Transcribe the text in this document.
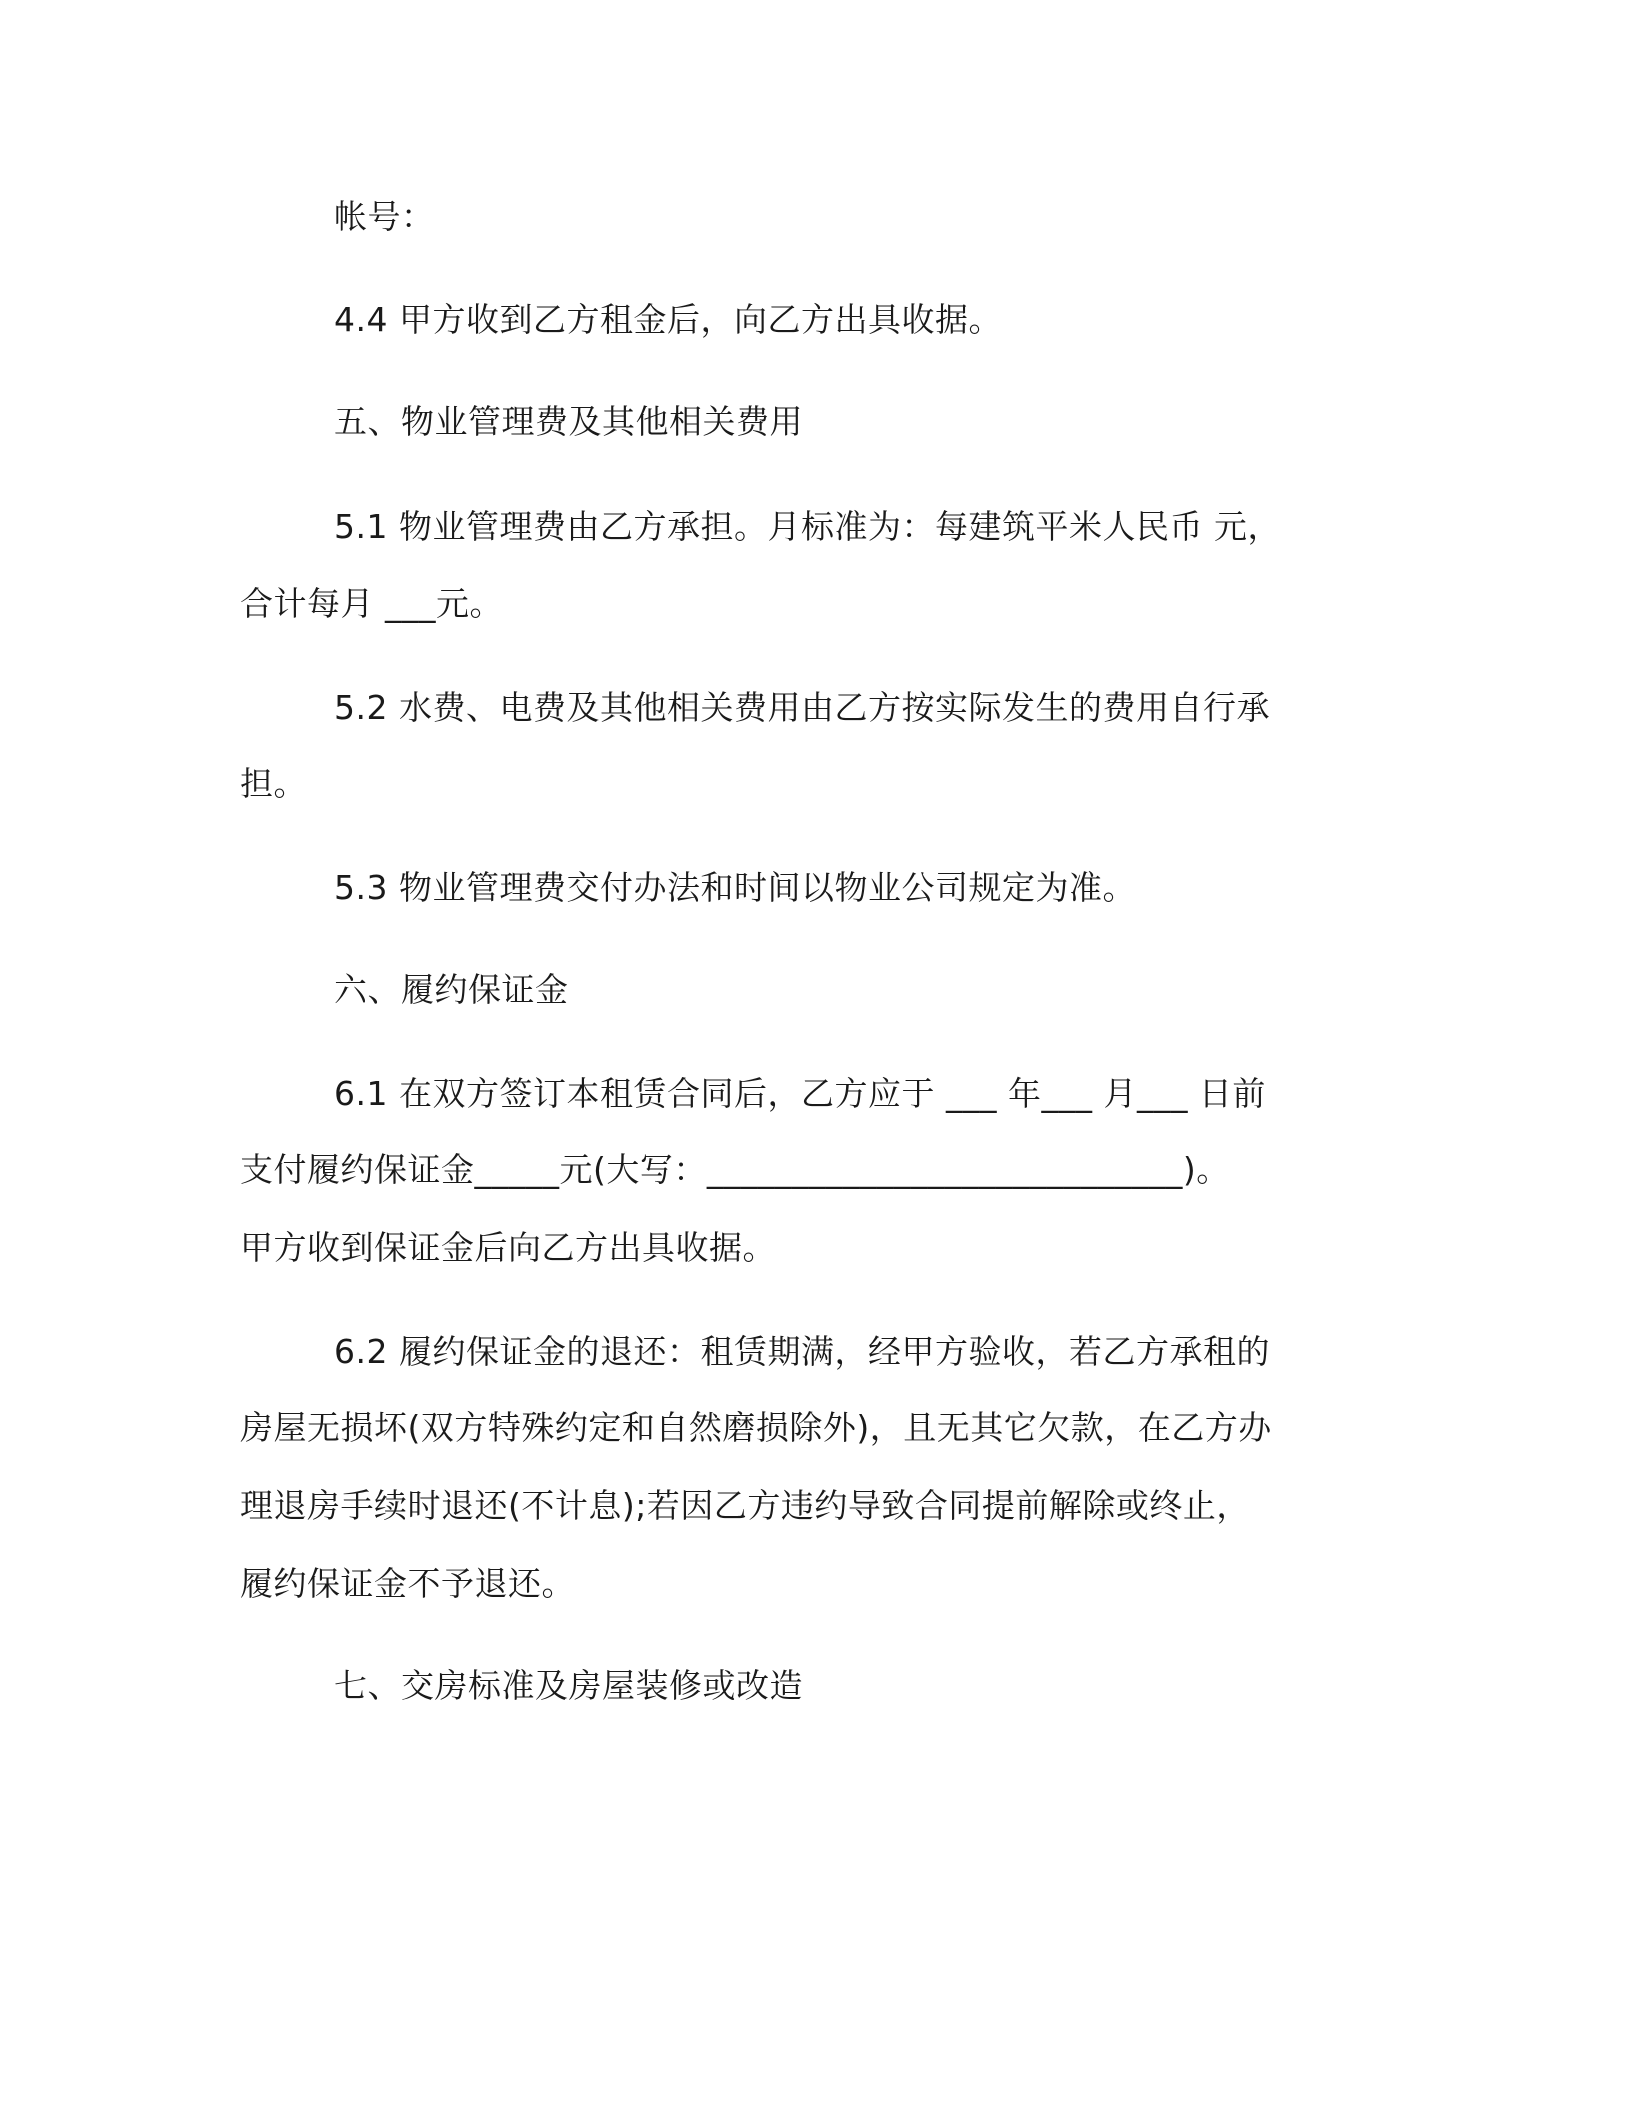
帐号：
4.4 甲方收到乙方租金后，向乙方出具收据。
五、物业管理费及其他相关费用
5.1 物业管理费由乙方承担。月标准为：每建筑平米人民币 元，
合计每月 ___元。
5.2 水费、电费及其他相关费用由乙方按实际发生的费用自行承
担。
5.3 物业管理费交付办法和时间以物业公司规定为准。
六、履约保证金
6.1 在双方签订本租赁合同后，乙方应于 ___ 年___ 月___ 日前
支付履约保证金_____元(大写：____________________________)。
甲方收到保证金后向乙方出具收据。
6.2 履约保证金的退还：租赁期满，经甲方验收，若乙方承租的
房屋无损坏(双方特殊约定和自然磨损除外)，且无其它欠款，在乙方办
理退房手续时退还(不计息);若因乙方违约导致合同提前解除或终止，
履约保证金不予退还。
七、交房标准及房屋装修或改造
